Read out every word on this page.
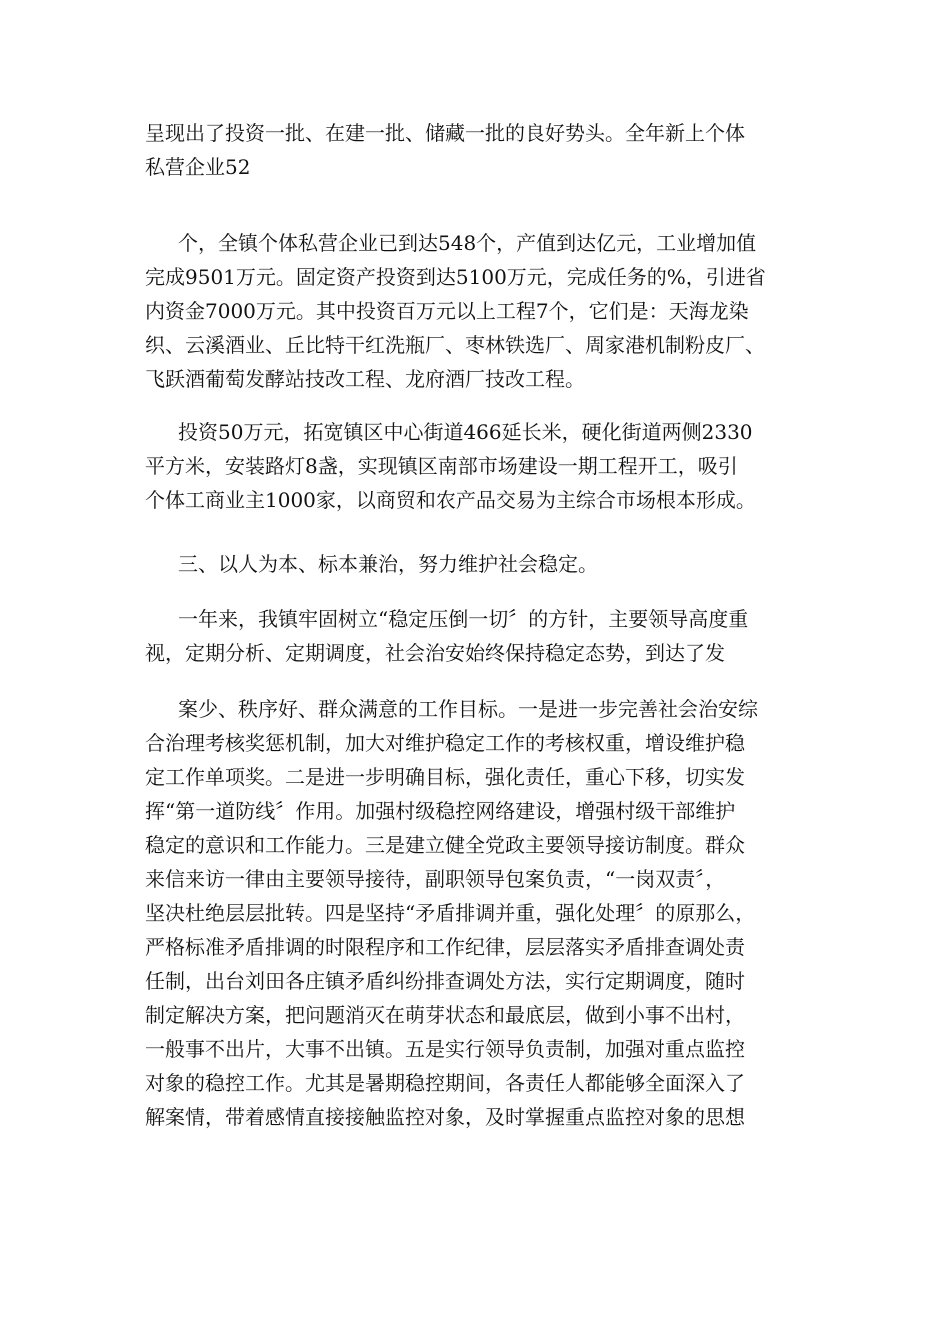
呈现出了投资一批、在建一批、储藏一批的良好势头。全年新上个体
私营企业52
个，全镇个体私营企业已到达548个，产值到达亿元，工业增加值
完成9501万元。固定资产投资到达5100万元，完成任务的%，引进省
内资金7000万元。其中投资百万元以上工程7个，它们是：天海龙染
织、云溪酒业、丘比特干红洗瓶厂、枣林铁选厂、周家港机制粉皮厂、
飞跃酒葡萄发酵站技改工程、龙府酒厂技改工程。
投资50万元，拓宽镇区中心街道466延长米，硬化街道两侧2330
平方米，安装路灯8盏，实现镇区南部市场建设一期工程开工，吸引
个体工商业主1000家，以商贸和农产品交易为主综合市场根本形成。
三、以人为本、标本兼治，努力维护社会稳定。
一年来，我镇牢固树立“稳定压倒一切〞的方针，主要领导高度重
视，定期分析、定期调度，社会治安始终保持稳定态势，到达了发
案少、秩序好、群众满意的工作目标。一是进一步完善社会治安综
合治理考核奖惩机制，加大对维护稳定工作的考核权重，增设维护稳
定工作单项奖。二是进一步明确目标，强化责任，重心下移，切实发
挥“第一道防线〞作用。加强村级稳控网络建设，增强村级干部维护
稳定的意识和工作能力。三是建立健全党政主要领导接访制度。群众
来信来访一律由主要领导接待，副职领导包案负责，“一岗双责〞，
坚决杜绝层层批转。四是坚持“矛盾排调并重，强化处理〞的原那么，
严格标准矛盾排调的时限程序和工作纪律，层层落实矛盾排查调处责
任制，出台刘田各庄镇矛盾纠纷排查调处方法，实行定期调度，随时
制定解决方案，把问题消灭在萌芽状态和最底层，做到小事不出村，
一般事不出片，大事不出镇。五是实行领导负责制，加强对重点监控
对象的稳控工作。尤其是暑期稳控期间，各责任人都能够全面深入了
解案情，带着感情直接接触监控对象，及时掌握重点监控对象的思想
